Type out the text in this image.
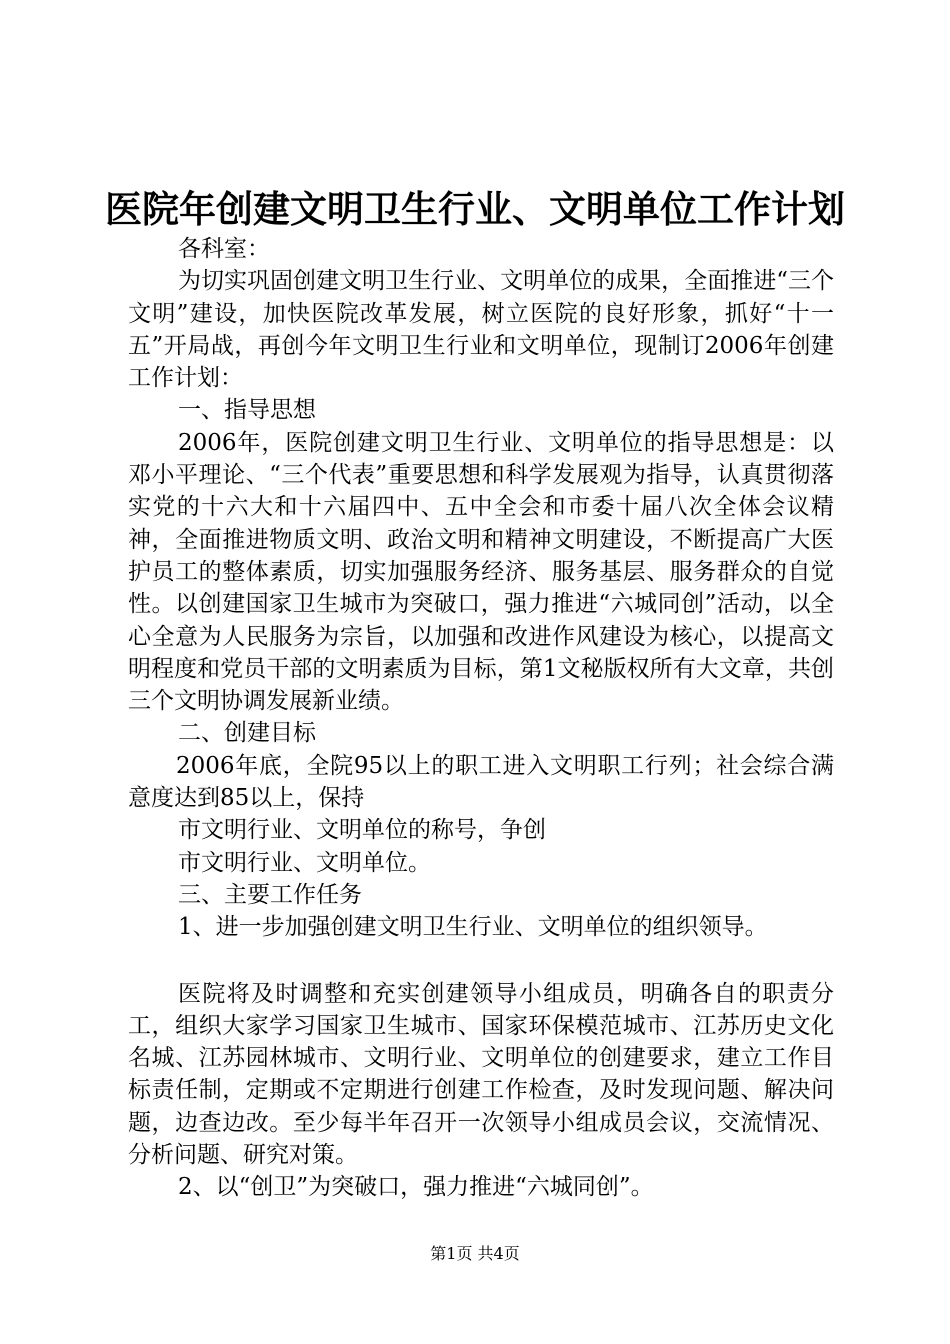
医院年创建文明卫生行业、文明单位工作计划

各科室：

为切实巩固创建文明卫生行业、文明单位的成果，全面推进“三个文明”建设，加快医院改革发展，树立医院的良好形象，抓好“十一五”开局战，再创今年文明卫生行业和文明单位，现制订2006年创建工作计划：

一、指导思想

2006年，医院创建文明卫生行业、文明单位的指导思想是：以邓小平理论、“三个代表”重要思想和科学发展观为指导，认真贯彻落实党的十六大和十六届四中、五中全会和市委十届八次全体会议精神，全面推进物质文明、政治文明和精神文明建设，不断提高广大医护员工的整体素质，切实加强服务经济、服务基层、服务群众的自觉性。以创建国家卫生城市为突破口，强力推进“六城同创”活动，以全心全意为人民服务为宗旨，以加强和改进作风建设为核心，以提高文明程度和党员干部的文明素质为目标，第1文秘版权所有大文章，共创三个文明协调发展新业绩。

二、创建目标

2006年底，全院95以上的职工进入文明职工行列；社会综合满意度达到85以上，保持

市文明行业、文明单位的称号，争创

市文明行业、文明单位。

三、主要工作任务

1、进一步加强创建文明卫生行业、文明单位的组织领导。

医院将及时调整和充实创建领导小组成员，明确各自的职责分工，组织大家学习国家卫生城市、国家环保模范城市、江苏历史文化名城、江苏园林城市、文明行业、文明单位的创建要求，建立工作目标责任制，定期或不定期进行创建工作检查，及时发现问题、解决问题，边查边改。至少每半年召开一次领导小组成员会议，交流情况、分析问题、研究对策。

2、以“创卫”为突破口，强力推进“六城同创”。

第1页 共4页
